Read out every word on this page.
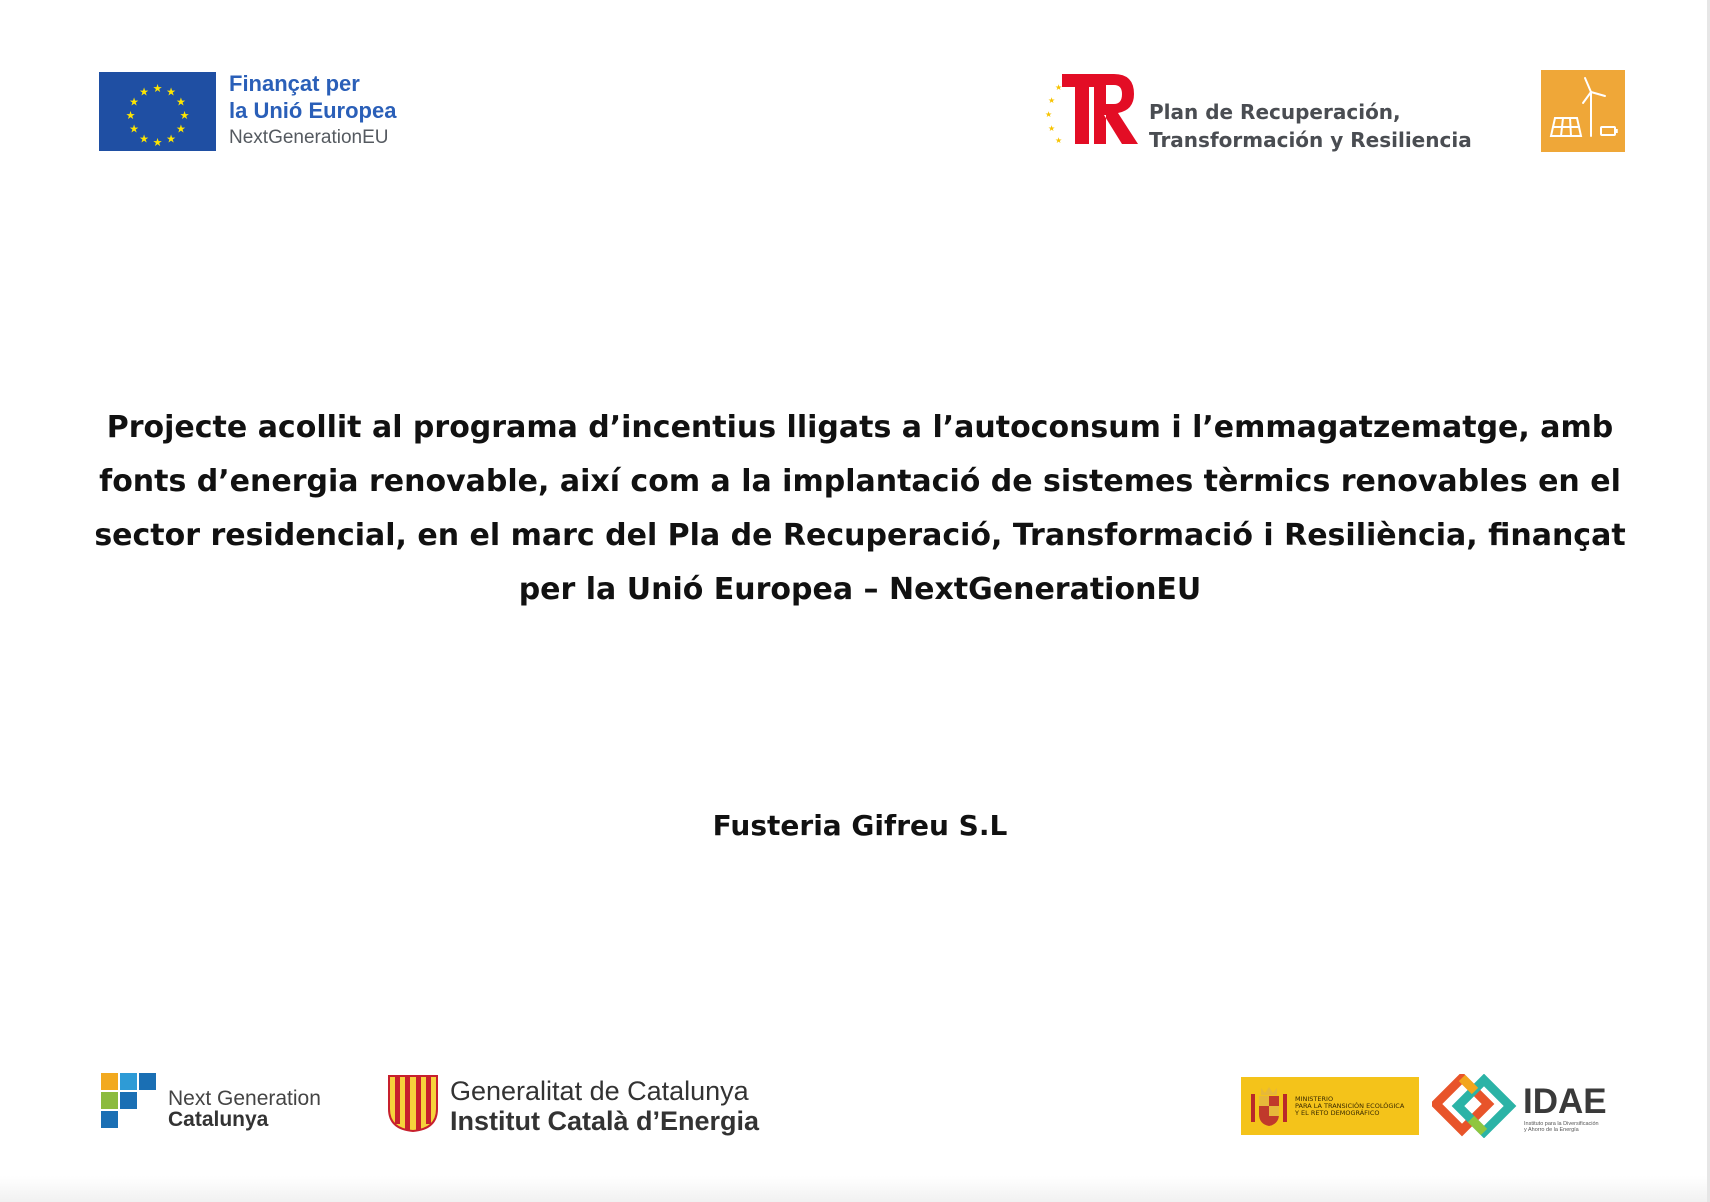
★ ★
★
★
★
★
★
★
★
★
★
★	Finançat per
la Unió Europea
NextGenerationEU
★
★
★
★
★
Plan de Recuperación,
Transformación y Resiliencia

Projecte acollit al programa d’incentius lligats a l’autoconsum i l’emmagatzematge, amb fonts d’energia renovable, així com a la implantació de sistemes tèrmics renovables en el sector residencial, en el marc del Pla de Recuperació, Transformació i Resiliència, finançat per la Unió Europea – NextGenerationEU

Fusteria Gifreu S.L

Next Generation
Catalunya
Generalitat de Catalunya
Institut Català d’Energia
MINISTERIO
PARA LA TRANSICIÓN ECOLÓGICA
Y EL RETO DEMOGRÁFICO	IDAE
Instituto para la Diversificación
y Ahorro de la Energía
